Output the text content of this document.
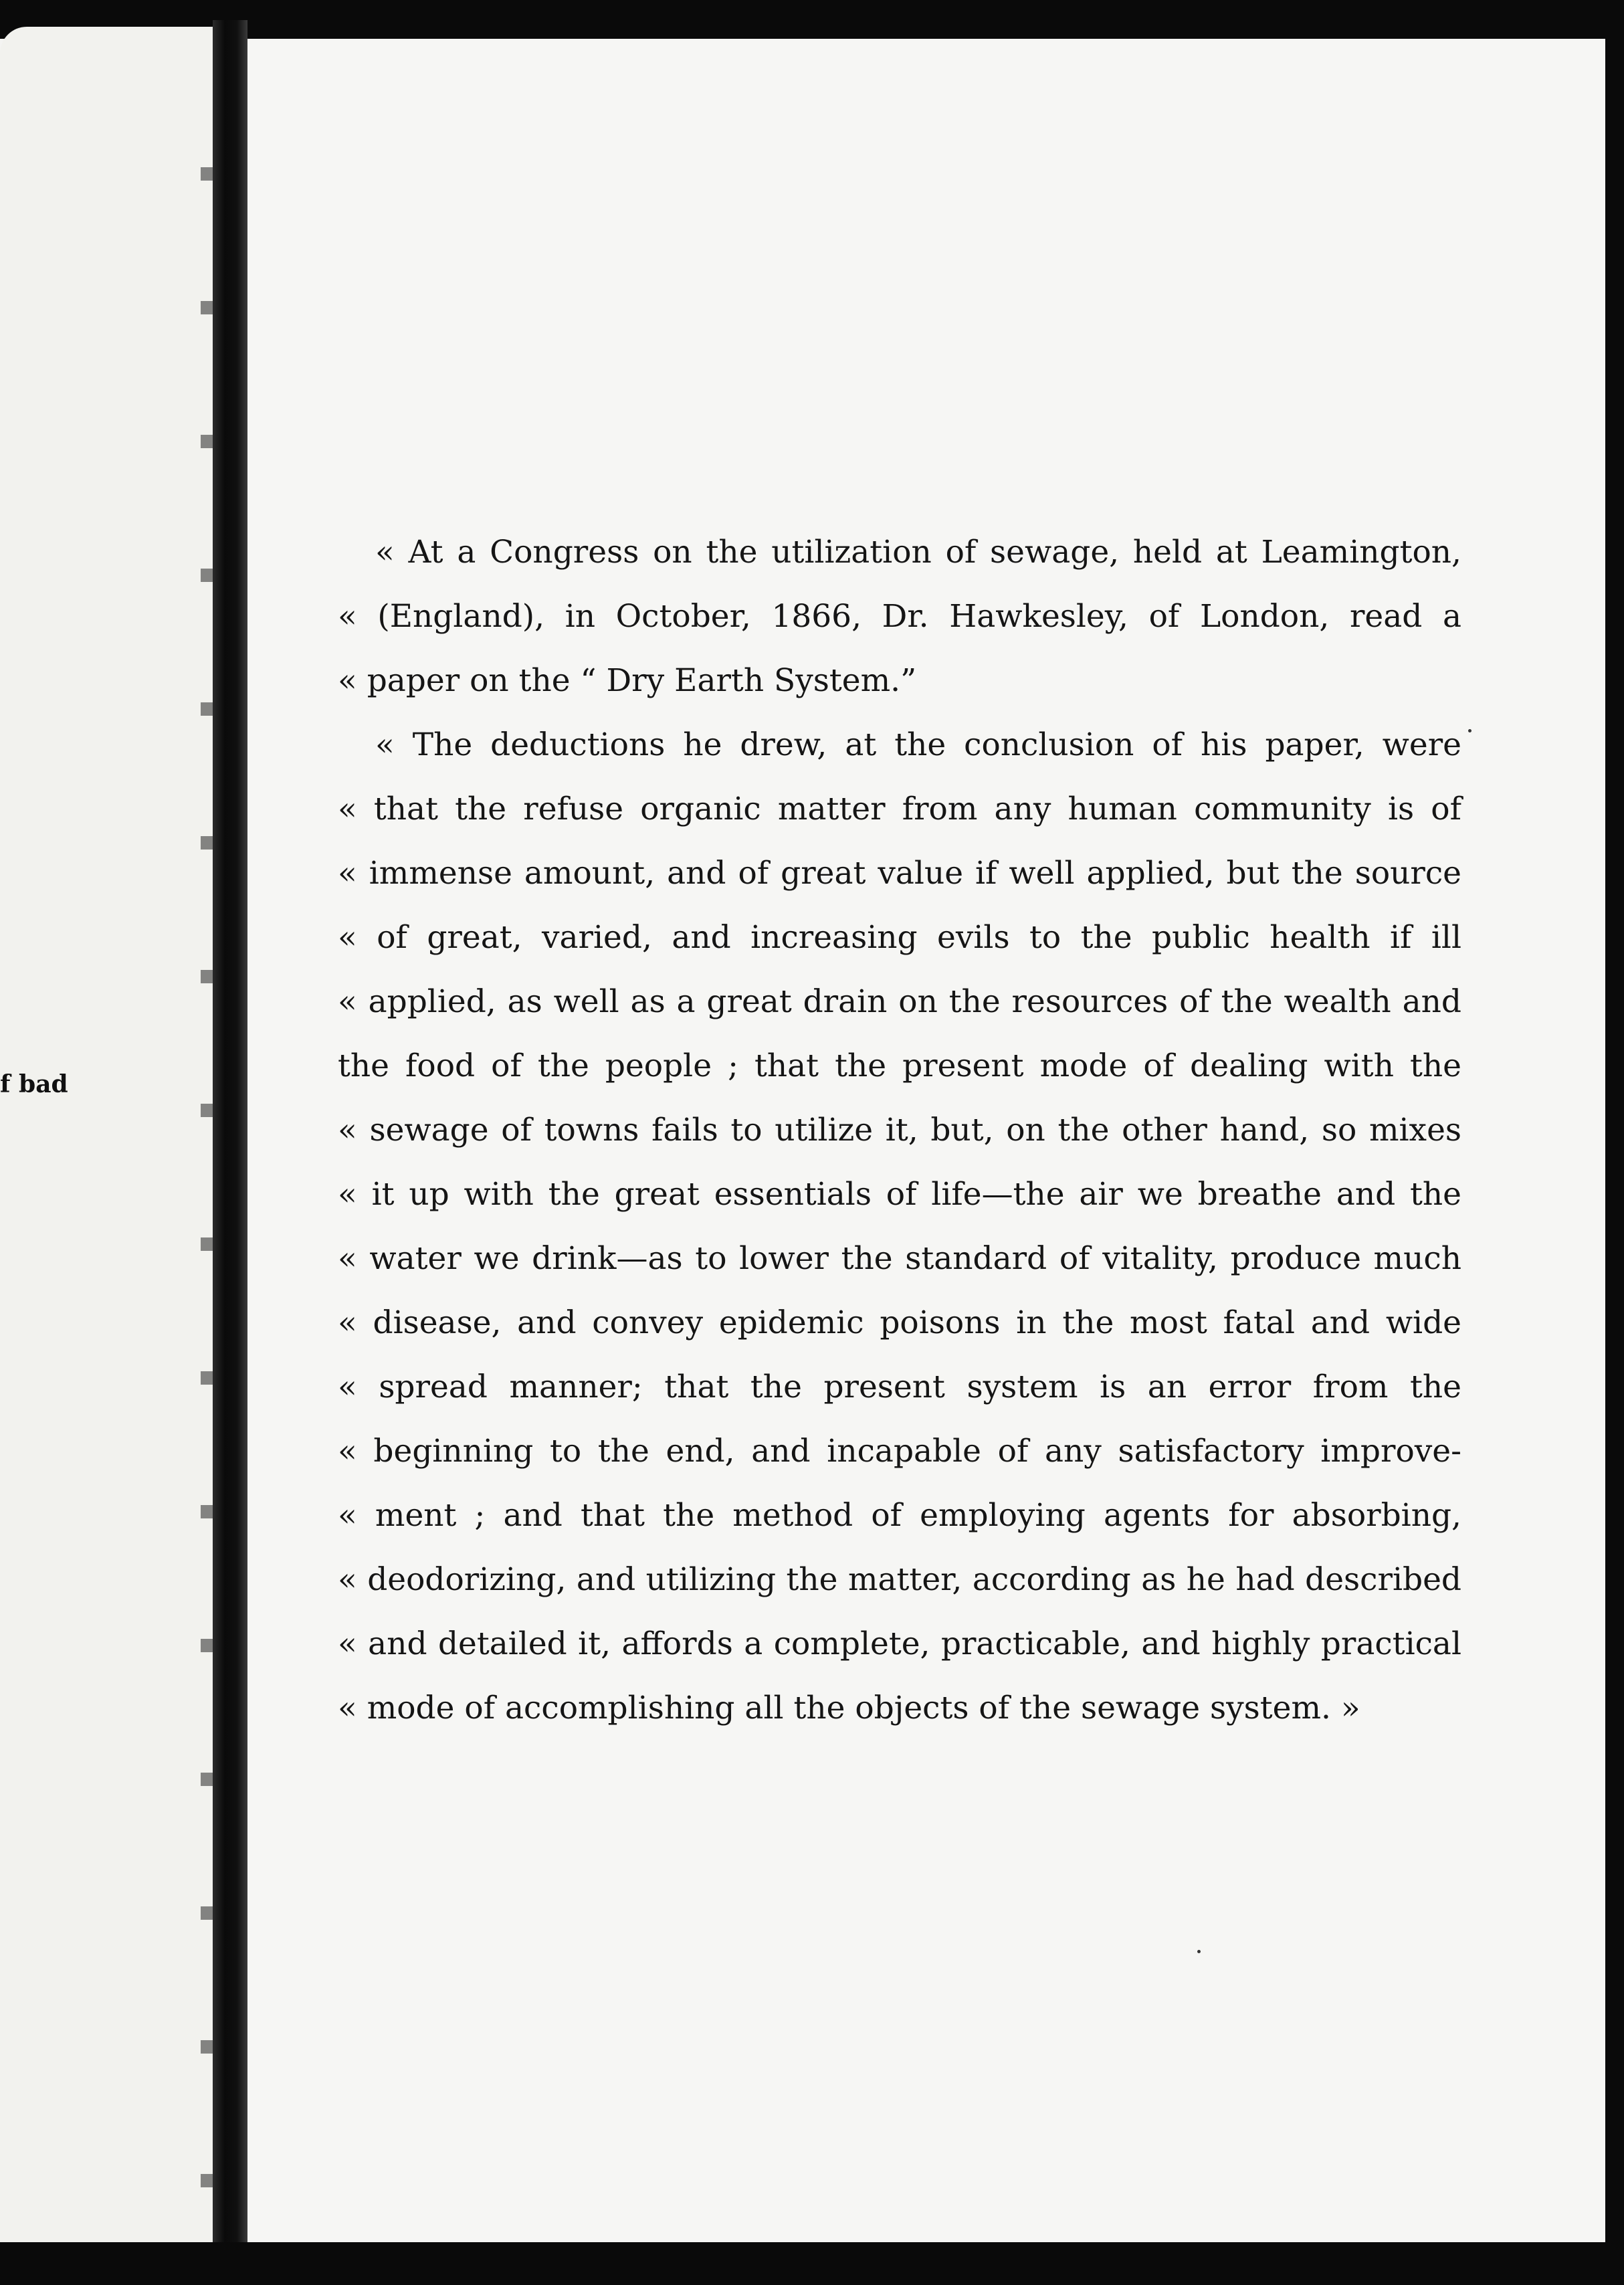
f bad
« At a Congress on the utilization of sewage, held at Leamington,
« (England), in October, 1866, Dr. Hawkesley, of London, read a
« paper on the “ Dry Earth System.”
« The deductions he drew, at the conclusion of his paper, were
« that the refuse organic matter from any human community is of
« immense amount, and of great value if well applied, but the source
« of great, varied, and increasing evils to the public health if ill
« applied, as well as a great drain on the resources of the wealth and
the food of the people ; that the present mode of dealing with the
« sewage of towns fails to utilize it, but, on the other hand, so mixes
« it up with the great essentials of life—the air we breathe and the
« water we drink—as to lower the standard of vitality, produce much
« disease, and convey epidemic poisons in the most fatal and wide
« spread manner; that the present system is an error from the
« beginning to the end, and incapable of any satisfactory improve-
« ment ; and that the method of employing agents for absorbing,
« deodorizing, and utilizing the matter, according as he had described
« and detailed it, affords a complete, practicable, and highly practical
« mode of accomplishing all the objects of the sewage system. »
